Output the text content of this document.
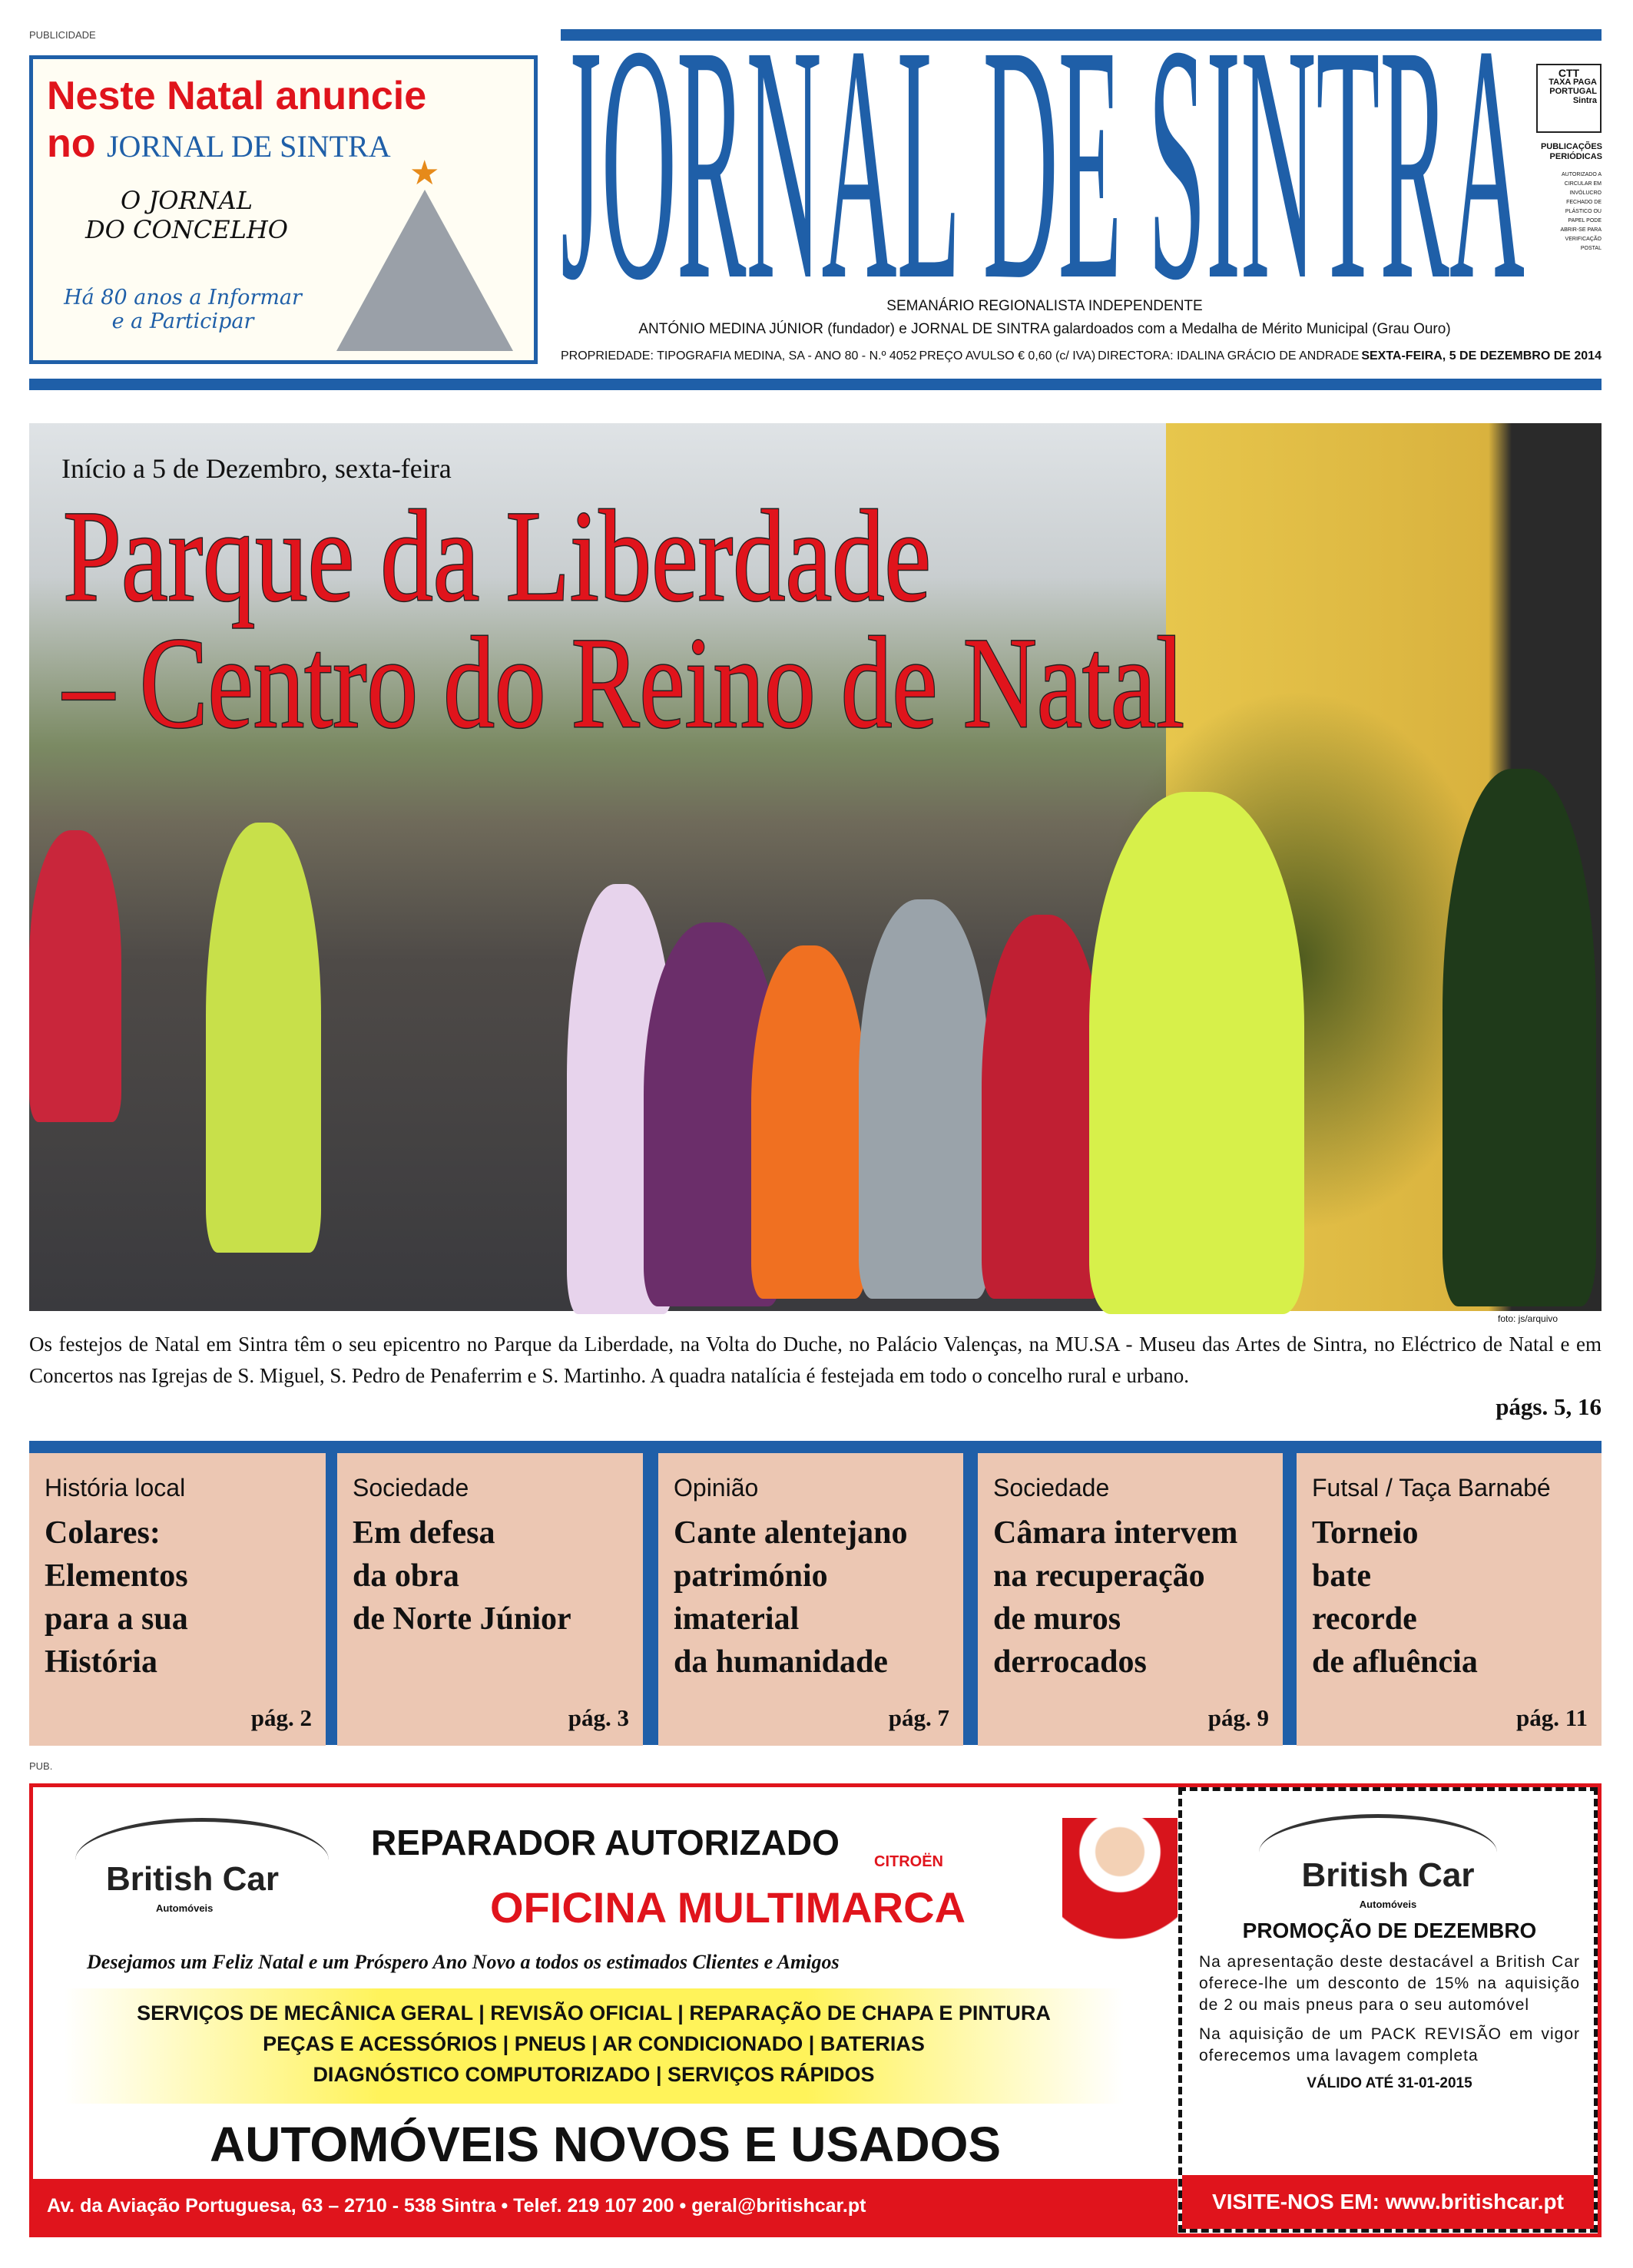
PUBLICIDADE
Neste Natal anuncie
no JORNAL DE SINTRA
O JORNAL
DO CONCELHO
Há 80 anos a Informar
e a Participar
★ JORNAL DE SINTRA	CTT
TAXA PAGA
PORTUGAL
Sintra
PUBLICAÇÕES
PERIÓDICAS
AUTORIZADO A CIRCULAR EM INVÓLUCRO FECHADO DE PLÁSTICO OU PAPEL PODE ABRIR-SE PARA VERIFICAÇÃO POSTAL
SEMANÁRIO REGIONALISTA INDEPENDENTE
ANTÓNIO MEDINA JÚNIOR (fundador) e JORNAL DE SINTRA galardoados com a Medalha de Mérito Municipal (Grau Ouro)
PROPRIEDADE: TIPOGRAFIA MEDINA, SA - ANO 80 - N.º 4052 PREÇO AVULSO € 0,60 (c/ IVA) DIRECTORA: IDALINA GRÁCIO DE ANDRADE SEXTA-FEIRA, 5 DE DEZEMBRO DE 2014
Início a 5 de Dezembro, sexta-feira
Parque da Liberdade
– Centro do Reino de Natal
foto: js/arquivo
Os festejos de Natal em Sintra têm o seu epicentro no Parque da Liberdade, na Volta do Duche, no Palácio Valenças, na MU.SA - Museu das Artes de Sintra, no Eléctrico de Natal e em Concertos nas Igrejas de S. Miguel, S. Pedro de Penaferrim e S. Martinho. A quadra natalícia é festejada em todo o concelho rural e urbano.
págs. 5, 16
História local
Colares:
Elementos
para a sua
História
pág. 2
Sociedade
Em defesa
da obra
de Norte Júnior
pág. 3
Opinião
Cante alentejano
património
imaterial
da humanidade
pág. 7
Sociedade
Câmara intervem
na recuperação
de muros
derrocados
pág. 9
Futsal / Taça Barnabé
Torneio
bate
recorde
de afluência
pág. 11
PUB.
British Car
Automóveis
REPARADOR AUTORIZADO CITROËN
OFICINA MULTIMARCA
Desejamos um Feliz Natal e um Próspero Ano Novo a todos os estimados Clientes e Amigos
SERVIÇOS DE MECÂNICA GERAL | REVISÃO OFICIAL | REPARAÇÃO DE CHAPA E PINTURA
PEÇAS E ACESSÓRIOS | PNEUS | AR CONDICIONADO | BATERIAS
DIAGNÓSTICO COMPUTORIZADO | SERVIÇOS RÁPIDOS
AUTOMÓVEIS NOVOS E USADOS
Av. da Aviação Portuguesa, 63 – 2710 - 538 Sintra • Telef. 219 107 200 • geral@britishcar.pt
British Car
Automóveis
PROMOÇÃO DE DEZEMBRO
Na apresentação deste destacável a British Car oferece-lhe um desconto de 15% na aquisição de 2 ou mais pneus para o seu automóvel
Na aquisição de um PACK REVISÃO em vigor oferecemos uma lavagem completa
VÁLIDO ATÉ 31-01-2015
VISITE-NOS EM: www.britishcar.pt
